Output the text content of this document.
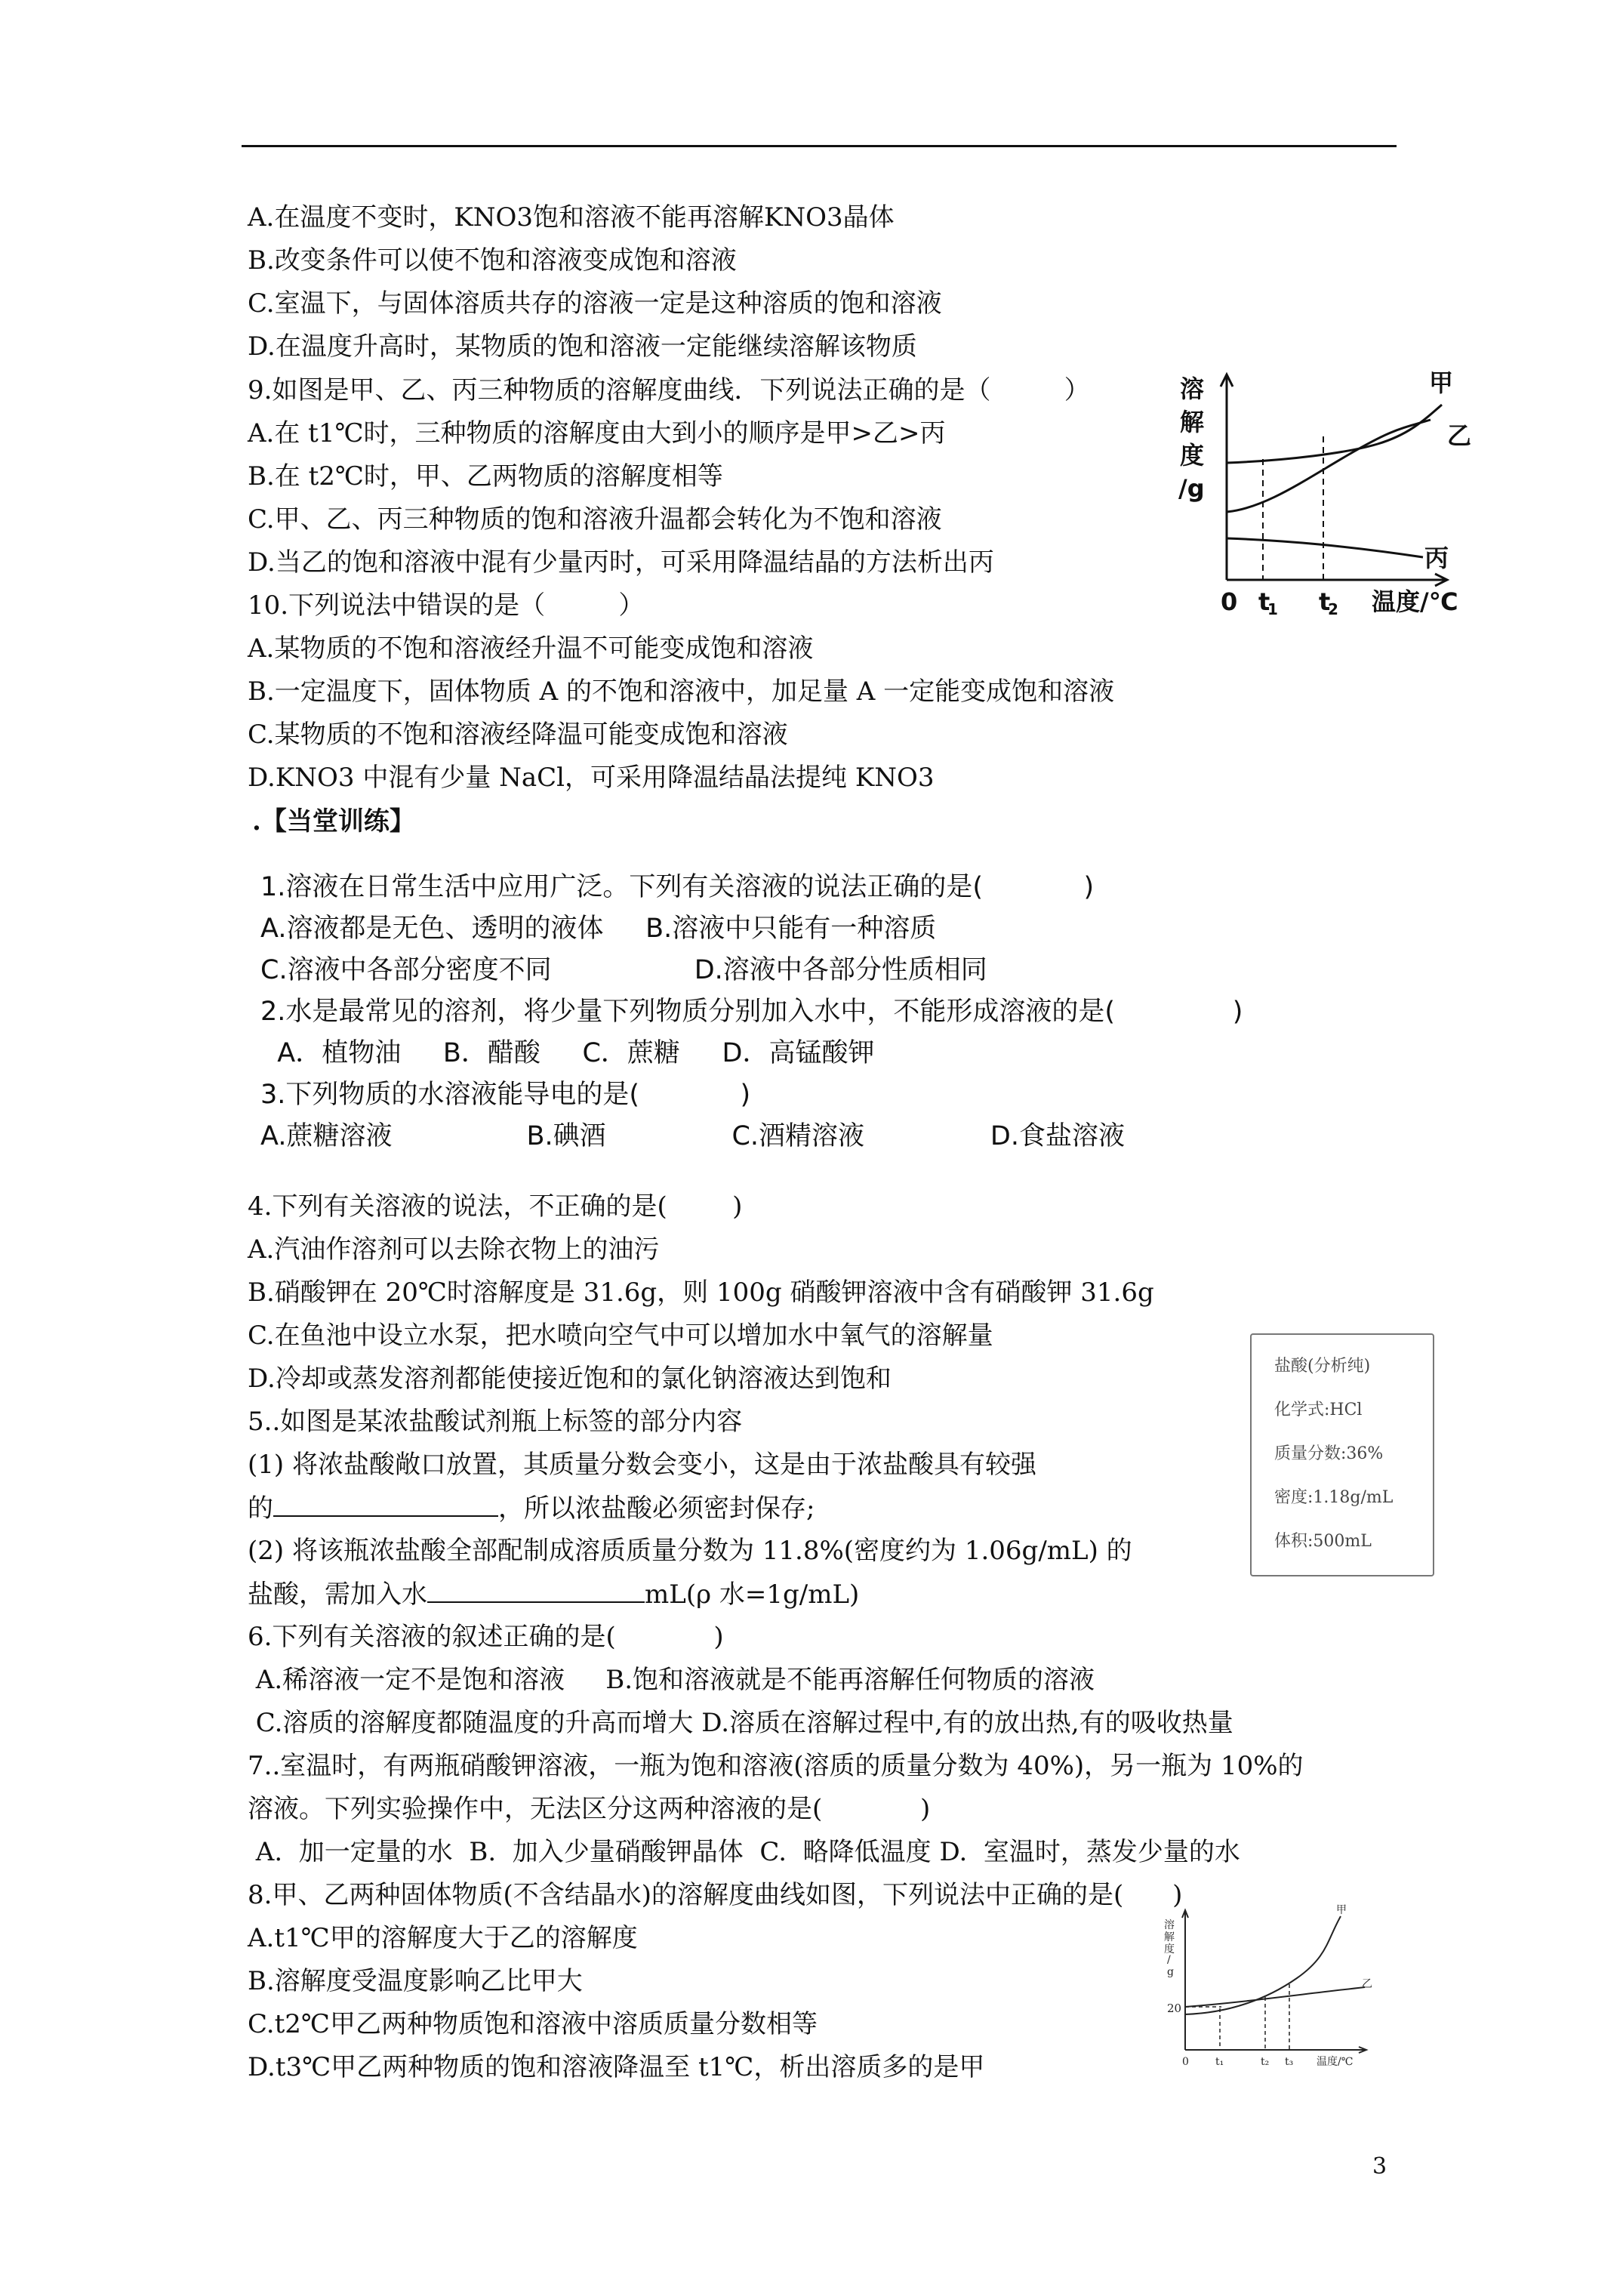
A.在温度不变时，KNO3饱和溶液不能再溶解KNO3晶体
B.改变条件可以使不饱和溶液变成饱和溶液
C.室温下，与固体溶质共存的溶液一定是这种溶质的饱和溶液
D.在温度升高时，某物质的饱和溶液一定能继续溶解该物质
9.如图是甲、乙、丙三种物质的溶解度曲线．下列说法正确的是（         ）
A.在 t1℃时，三种物质的溶解度由大到小的顺序是甲>乙>丙
B.在 t2℃时，甲、乙两物质的溶解度相等
C.甲、乙、丙三种物质的饱和溶液升温都会转化为不饱和溶液
D.当乙的饱和溶液中混有少量丙时，可采用降温结晶的方法析出丙
10.下列说法中错误的是（         ）
A.某物质的不饱和溶液经升温不可能变成饱和溶液
B.一定温度下，固体物质 A 的不饱和溶液中，加足量 A 一定能变成饱和溶液
C.某物质的不饱和溶液经降温可能变成饱和溶液
D.KNO3 中混有少量 NaCl，可采用降温结晶法提纯 KNO3
.【当堂训练】
1.溶液在日常生活中应用广泛。下列有关溶液的说法正确的是(            )
A.溶液都是无色、透明的液体     B.溶液中只能有一种溶质
C.溶液中各部分密度不同                 D.溶液中各部分性质相同
2.水是最常见的溶剂，将少量下列物质分别加入水中，不能形成溶液的是(              )
A．植物油     B．醋酸     C．蔗糖     D．高锰酸钾
3.下列物质的水溶液能导电的是(            )
A.蔗糖溶液                B.碘酒               C.酒精溶液               D.食盐溶液
4.下列有关溶液的说法，不正确的是(        )
A.汽油作溶剂可以去除衣物上的油污
B.硝酸钾在 20℃时溶解度是 31.6g，则 100g 硝酸钾溶液中含有硝酸钾 31.6g
C.在鱼池中设立水泵，把水喷向空气中可以增加水中氧气的溶解量
D.冷却或蒸发溶剂都能使接近饱和的氯化钠溶液达到饱和
5..如图是某浓盐酸试剂瓶上标签的部分内容
(1) 将浓盐酸敞口放置，其质量分数会变小，这是由于浓盐酸具有较强
的	，所以浓盐酸必须密封保存;
(2) 将该瓶浓盐酸全部配制成溶质质量分数为 11.8%(密度约为 1.06g/mL) 的
盐酸，需加入水	mL(ρ 水=1g/mL)
6.下列有关溶液的叙述正确的是(            )
A.稀溶液一定不是饱和溶液     B.饱和溶液就是不能再溶解任何物质的溶液
C.溶质的溶解度都随温度的升高而增大 D.溶质在溶解过程中,有的放出热,有的吸收热量
7..室温时，有两瓶硝酸钾溶液，一瓶为饱和溶液(溶质的质量分数为 40%)，另一瓶为 10%的
溶液。下列实验操作中，无法区分这两种溶液的是(            )
A.  加一定量的水  B.  加入少量硝酸钾晶体  C.  略降低温度 D.  室温时，蒸发少量的水
8.甲、乙两种固体物质(不含结晶水)的溶解度曲线如图，下列说法中正确的是(      )
A.t1℃甲的溶解度大于乙的溶解度
B.溶解度受温度影响乙比甲大
C.t2℃甲乙两种物质饱和溶液中溶质质量分数相等
D.t3℃甲乙两种物质的饱和溶液降温至 t1℃，析出溶质多的是甲
溶
解
度
/g
0 t
1 t
2 温度/℃
甲
乙
丙
盐酸(分析纯)
化学式:HCl
质量分数:36%
密度:1.18g/mL
体积:500mL
溶
解
度
/
g
20
0	t₁	t₂ t₃ 温度/℃
甲
乙
3
